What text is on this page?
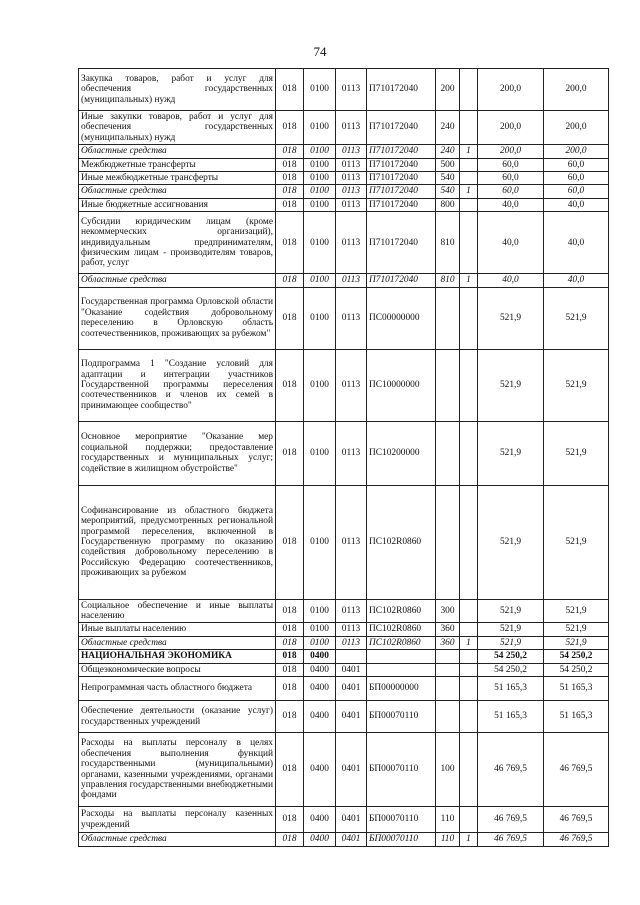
74
Закупка товаров, работ и услуг для обеспечения государственных (муниципальных) нужд	018	0100	0113	П710172040	200		200,0	200,0
Иные закупки товаров, работ и услуг для обеспечения государственных (муниципальных) нужд	018	0100	0113	П710172040	240		200,0	200,0
Областные средства	018	0100	0113	П710172040	240	1	200,0	200,0
Межбюджетные трансферты	018	0100	0113	П710172040	500		60,0	60,0
Иные межбюджетные трансферты	018	0100	0113	П710172040	540		60,0	60,0
Областные средства	018	0100	0113	П710172040	540	1	60,0	60,0
Иные бюджетные ассигнования	018	0100	0113	П710172040	800		40,0	40,0
Субсидии юридическим лицам (кроме некоммерческих организаций), индивидуальным предпринимателям, физическим лицам - производителям товаров, работ, услуг	018	0100	0113	П710172040	810		40,0	40,0
Областные средства	018	0100	0113	П710172040	810	1	40,0	40,0
Государственная программа Орловской области "Оказание содействия добровольному переселению в Орловскую область соотечественников, проживающих за рубежом"	018	0100	0113	ПС00000000			521,9	521,9
Подпрограмма 1 "Создание условий для адаптации и интеграции участников Государственной программы переселения соотечественников и членов их семей в принимающее сообщество"	018	0100	0113	ПС10000000			521,9	521,9
Основное мероприятие "Оказание мер социальной поддержки; предоставление государственных и муниципальных услуг; содействие в жилищном обустройстве"	018	0100	0113	ПС10200000			521,9	521,9
Софинансирование из областного бюджета мероприятий, предусмотренных региональной программой переселения, включенной в Государственную программу по оказанию содействия добровольному переселению в Российскую Федерацию соотечественников, проживающих за рубежом	018	0100	0113	ПС102R0860			521,9	521,9
Социальное обеспечение и иные выплаты населению	018	0100	0113	ПС102R0860	300		521,9	521,9
Иные выплаты населению	018	0100	0113	ПС102R0860	360		521,9	521,9
Областные средства	018	0100	0113	ПС102R0860	360	1	521,9	521,9
НАЦИОНАЛЬНАЯ ЭКОНОМИКА	018	0400					54 250,2	54 250,2
Общеэкономические вопросы	018	0400	0401				54 250,2	54 250,2
Непрограммная часть областного бюджета	018	0400	0401	БП00000000			51 165,3	51 165,3
Обеспечение деятельности (оказание услуг) государственных учреждений	018	0400	0401	БП00070110			51 165,3	51 165,3
Расходы на выплаты персоналу в целях обеспечения выполнения функций государственными (муниципальными) органами, казенными учреждениями, органами управления государственными внебюджетными фондами	018	0400	0401	БП00070110	100		46 769,5	46 769,5
Расходы на выплаты персоналу казенных учреждений	018	0400	0401	БП00070110	110		46 769,5	46 769,5
Областные средства	018	0400	0401	БП00070110	110	1	46 769,5	46 769,5
